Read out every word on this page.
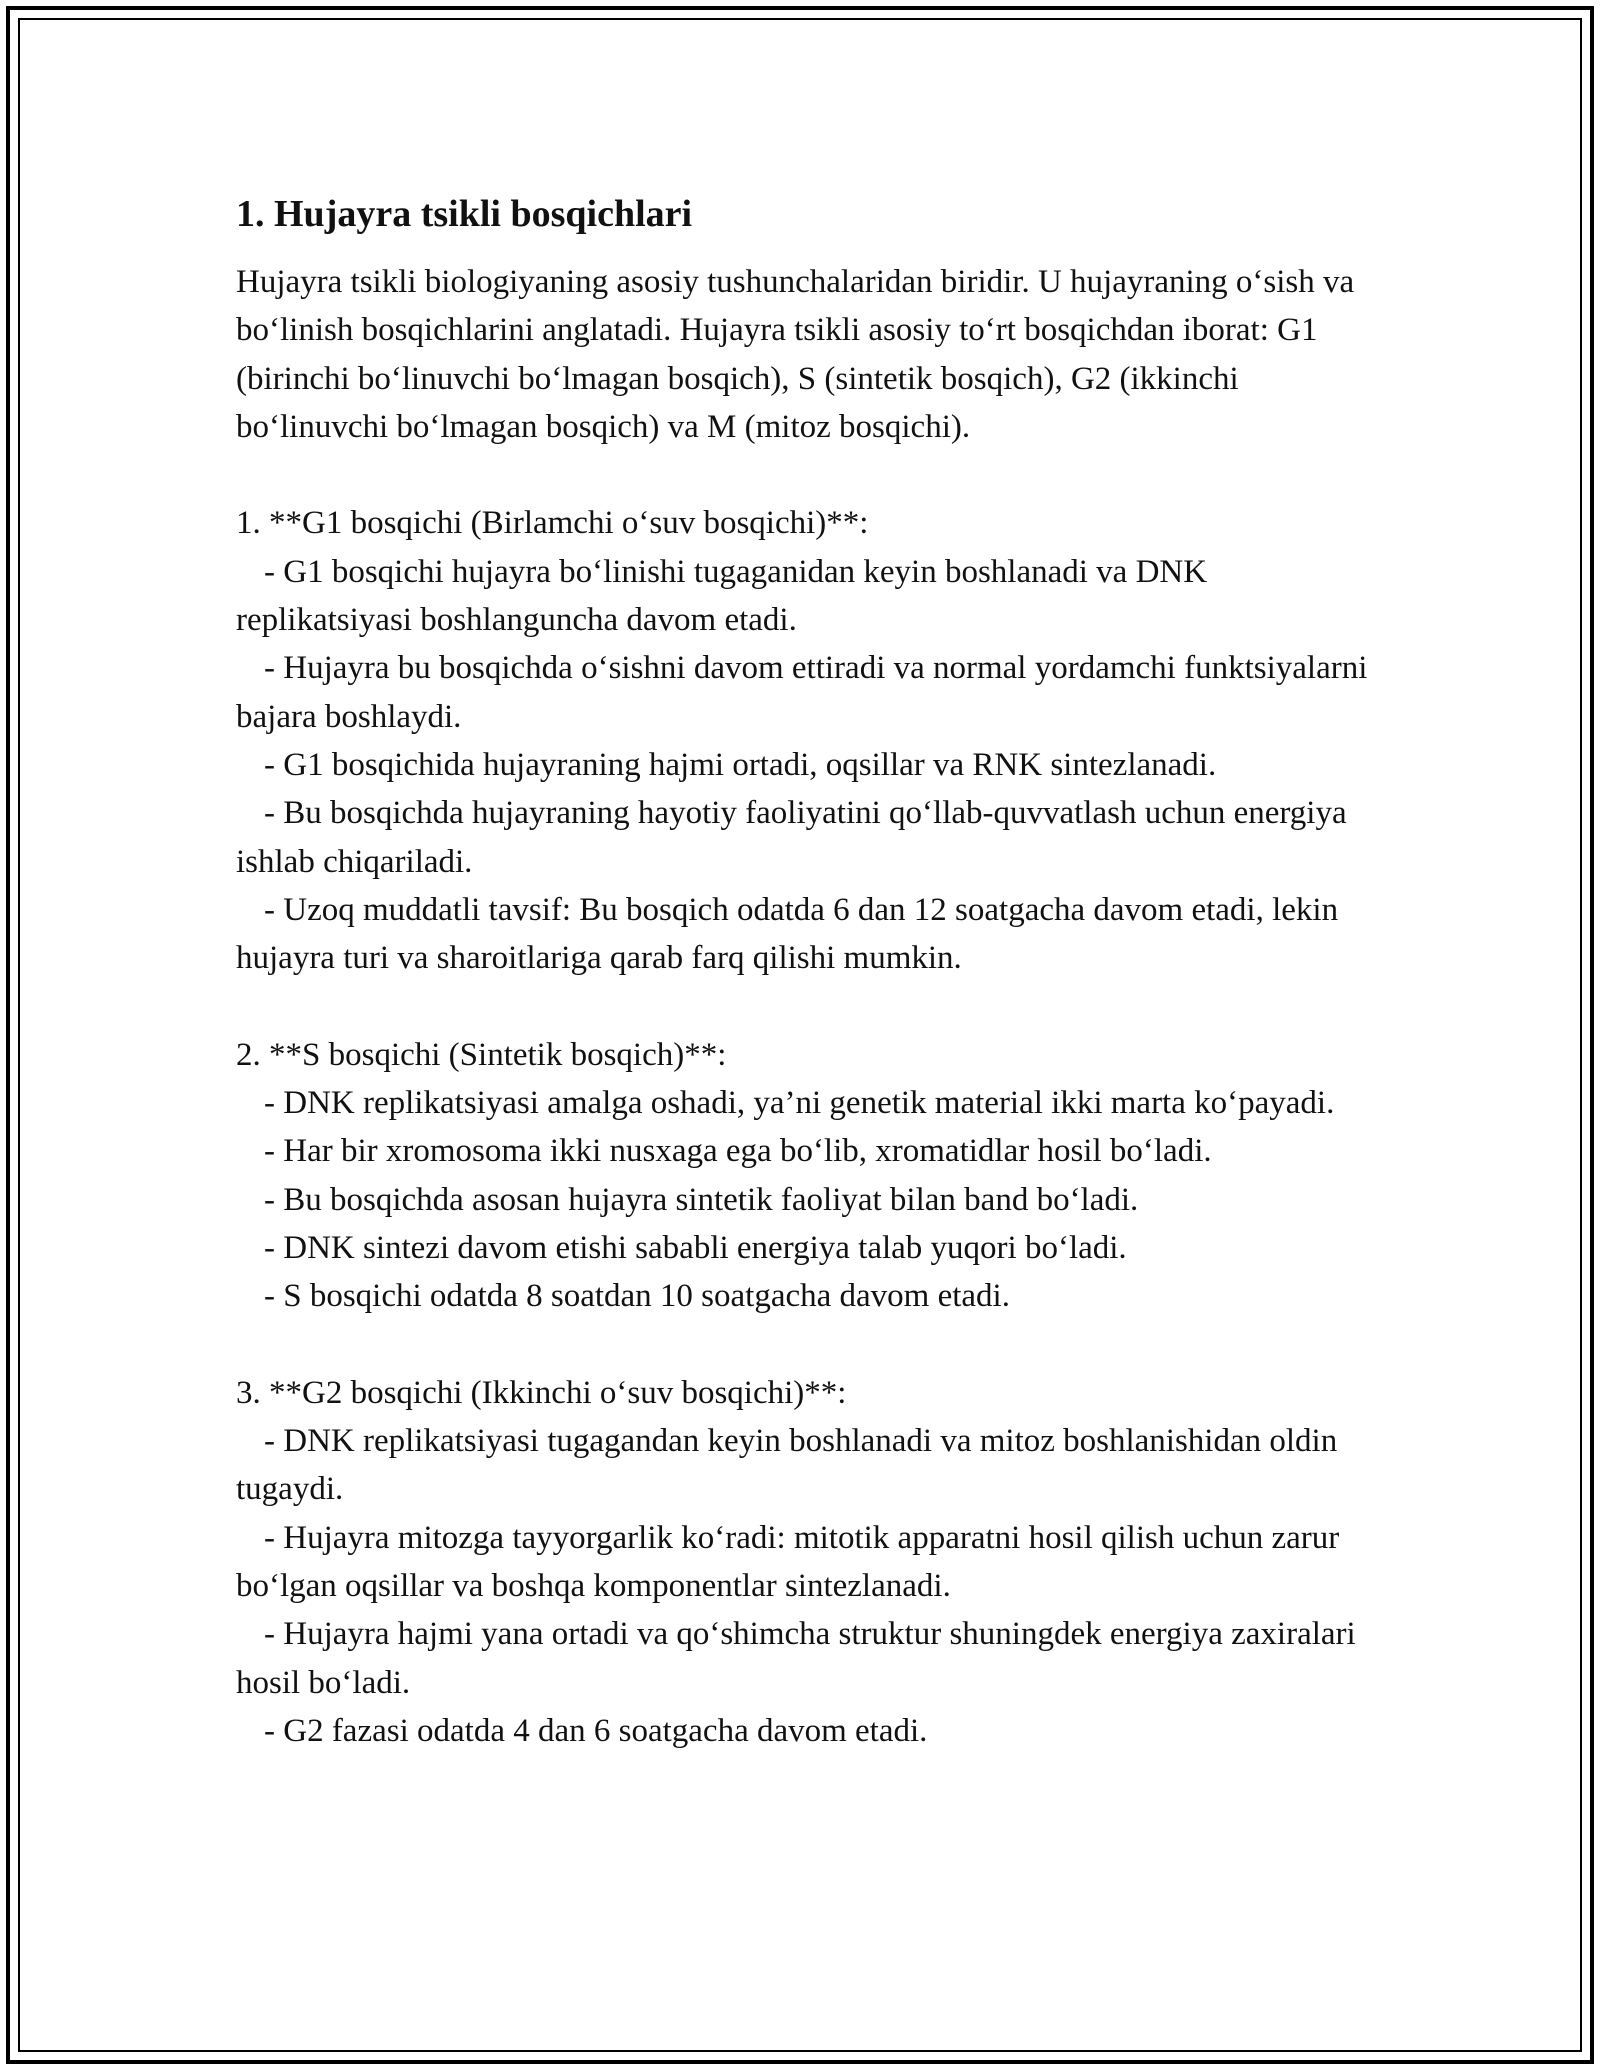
1. Hujayra tsikli bosqichlari

Hujayra tsikli biologiyaning asosiy tushunchalaridan biridir. U hujayraning o‘sish va bo‘linish bosqichlarini anglatadi. Hujayra tsikli asosiy to‘rt bosqichdan iborat: G1 (birinchi bo‘linuvchi bo‘lmagan bosqich), S (sintetik bosqich), G2 (ikkinchi bo‘linuvchi bo‘lmagan bosqich) va M (mitoz bosqichi).

1. **G1 bosqichi (Birlamchi o‘suv bosqichi)**:

- G1 bosqichi hujayra bo‘linishi tugaganidan keyin boshlanadi va DNK replikatsiyasi boshlanguncha davom etadi.

- Hujayra bu bosqichda o‘sishni davom ettiradi va normal yordamchi funktsiyalarni bajara boshlaydi.

- G1 bosqichida hujayraning hajmi ortadi, oqsillar va RNK sintezlanadi.

- Bu bosqichda hujayraning hayotiy faoliyatini qo‘llab-quvvatlash uchun energiya ishlab chiqariladi.

- Uzoq muddatli tavsif: Bu bosqich odatda 6 dan 12 soatgacha davom etadi, lekin hujayra turi va sharoitlariga qarab farq qilishi mumkin.

2. **S bosqichi (Sintetik bosqich)**:

- DNK replikatsiyasi amalga oshadi, ya’ni genetik material ikki marta ko‘payadi.

- Har bir xromosoma ikki nusxaga ega bo‘lib, xromatidlar hosil bo‘ladi.

- Bu bosqichda asosan hujayra sintetik faoliyat bilan band bo‘ladi.

- DNK sintezi davom etishi sababli energiya talab yuqori bo‘ladi.

- S bosqichi odatda 8 soatdan 10 soatgacha davom etadi.

3. **G2 bosqichi (Ikkinchi o‘suv bosqichi)**:

- DNK replikatsiyasi tugagandan keyin boshlanadi va mitoz boshlanishidan oldin tugaydi.

- Hujayra mitozga tayyorgarlik ko‘radi: mitotik apparatni hosil qilish uchun zarur bo‘lgan oqsillar va boshqa komponentlar sintezlanadi.

- Hujayra hajmi yana ortadi va qo‘shimcha struktur shuningdek energiya zaxiralari hosil bo‘ladi.

- G2 fazasi odatda 4 dan 6 soatgacha davom etadi.
